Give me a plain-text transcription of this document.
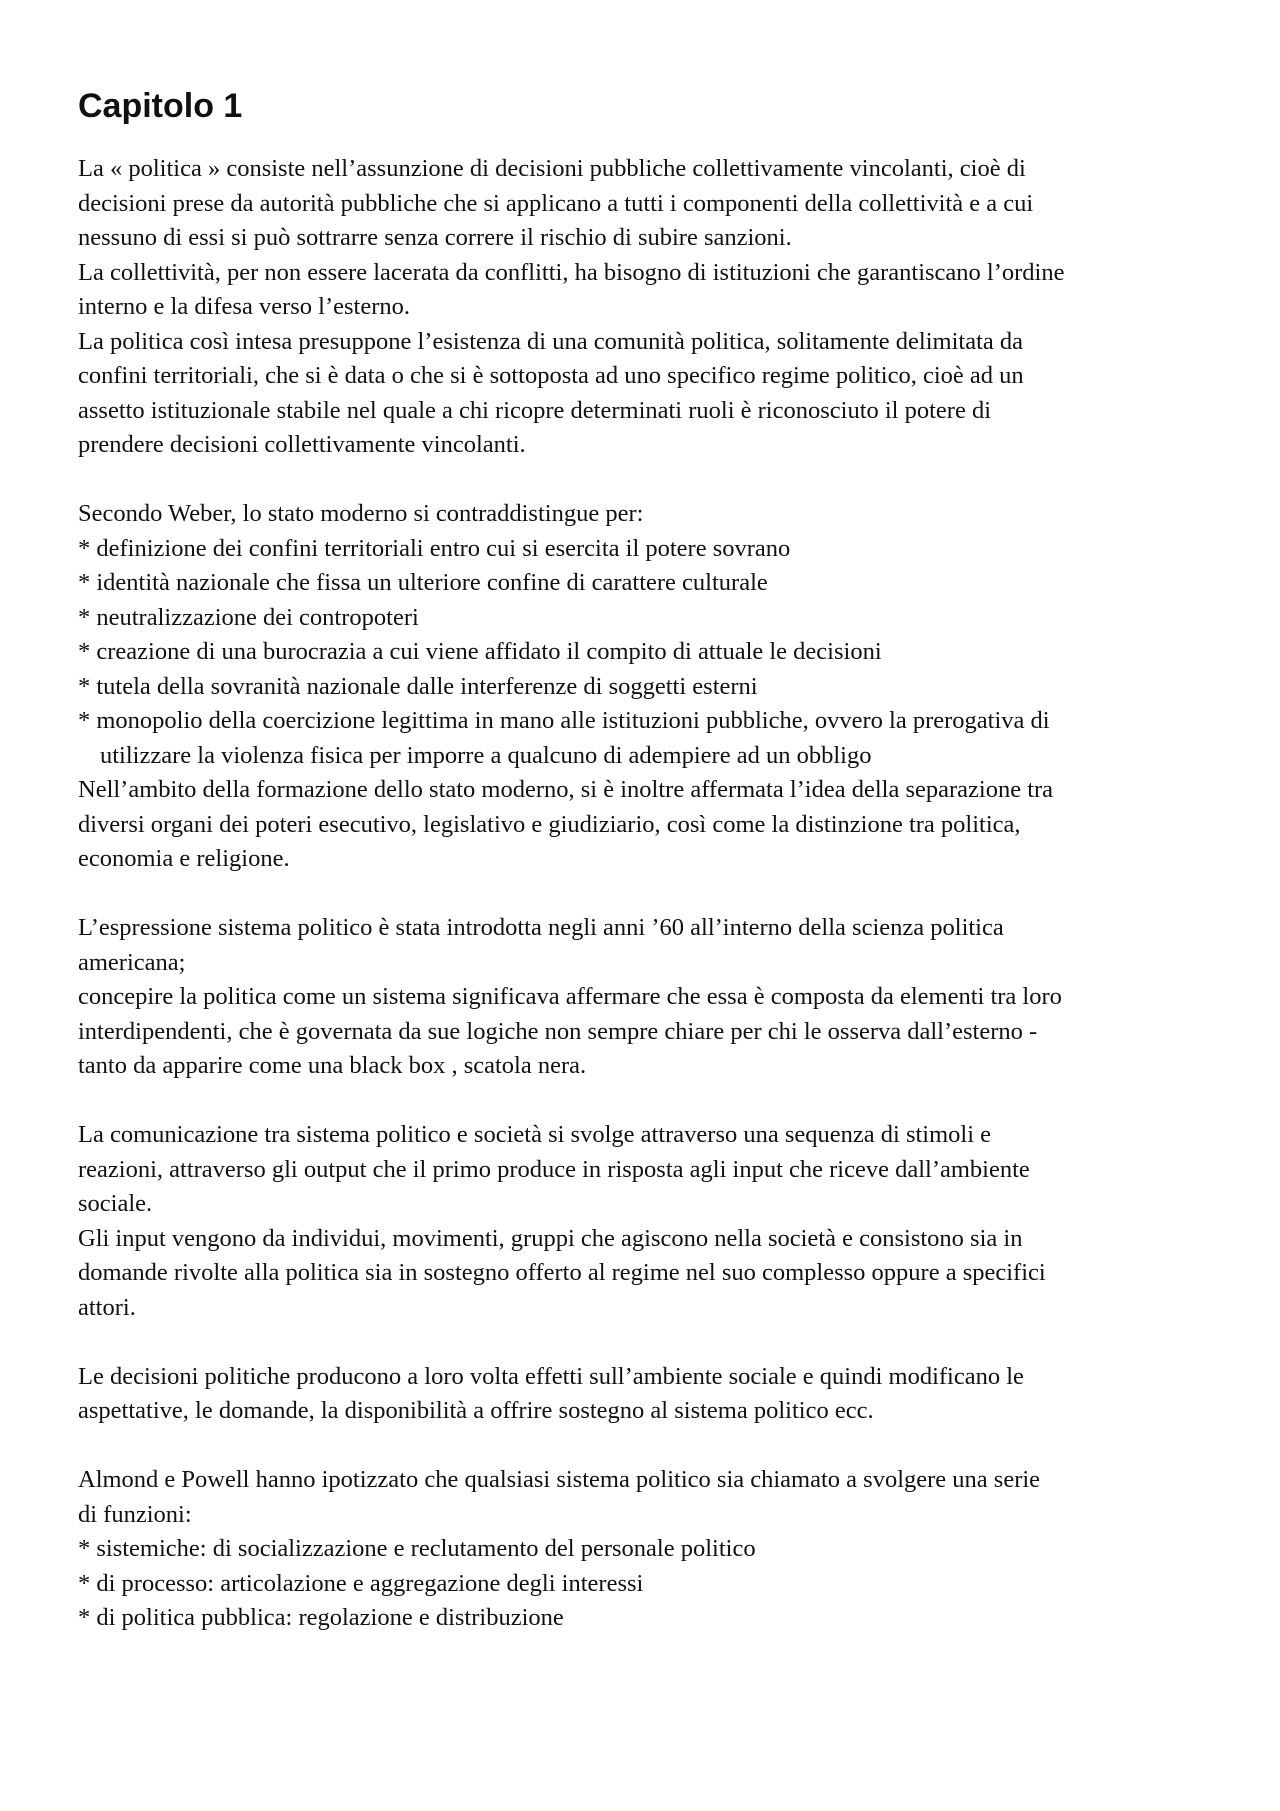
Capitolo 1
La « politica » consiste nell’assunzione di decisioni pubbliche collettivamente vincolanti, cioè di
decisioni prese da autorità pubbliche che si applicano a tutti i componenti della collettività e a cui
nessuno di essi si può sottrarre senza correre il rischio di subire sanzioni.
La collettività, per non essere lacerata da conflitti, ha bisogno di istituzioni che garantiscano l’ordine
interno e la difesa verso l’esterno.
La politica così intesa presuppone l’esistenza di una comunità politica, solitamente delimitata da
confini territoriali, che si è data o che si è sottoposta ad uno specifico regime politico, cioè ad un
assetto istituzionale stabile nel quale a chi ricopre determinati ruoli è riconosciuto il potere di
prendere decisioni collettivamente vincolanti.
Secondo Weber, lo stato moderno si contraddistingue per:
* definizione dei confini territoriali entro cui si esercita il potere sovrano
* identità nazionale che fissa un ulteriore confine di carattere culturale
* neutralizzazione dei contropoteri
* creazione di una burocrazia a cui viene affidato il compito di attuale le decisioni
* tutela della sovranità nazionale dalle interferenze di soggetti esterni
* monopolio della coercizione legittima in mano alle istituzioni pubbliche, ovvero la prerogativa di
utilizzare la violenza fisica per imporre a qualcuno di adempiere ad un obbligo
Nell’ambito della formazione dello stato moderno, si è inoltre affermata l’idea della separazione tra
diversi organi dei poteri esecutivo, legislativo e giudiziario, così come la distinzione tra politica,
economia e religione.
L’espressione sistema politico è stata introdotta negli anni ’60 all’interno della scienza politica
americana;
concepire la politica come un sistema significava affermare che essa è composta da elementi tra loro
interdipendenti, che è governata da sue logiche non sempre chiare per chi le osserva dall’esterno -
tanto da apparire come una black box , scatola nera.
La comunicazione tra sistema politico e società si svolge attraverso una sequenza di stimoli e
reazioni, attraverso gli output che il primo produce in risposta agli input che riceve dall’ambiente
sociale.
Gli input vengono da individui, movimenti, gruppi che agiscono nella società e consistono sia in
domande rivolte alla politica sia in sostegno offerto al regime nel suo complesso oppure a specifici
attori.
Le decisioni politiche producono a loro volta effetti sull’ambiente sociale e quindi modificano le
aspettative, le domande, la disponibilità a offrire sostegno al sistema politico ecc.
Almond e Powell hanno ipotizzato che qualsiasi sistema politico sia chiamato a svolgere una serie
di funzioni:
* sistemiche: di socializzazione e reclutamento del personale politico
* di processo: articolazione e aggregazione degli interessi
* di politica pubblica: regolazione e distribuzione
